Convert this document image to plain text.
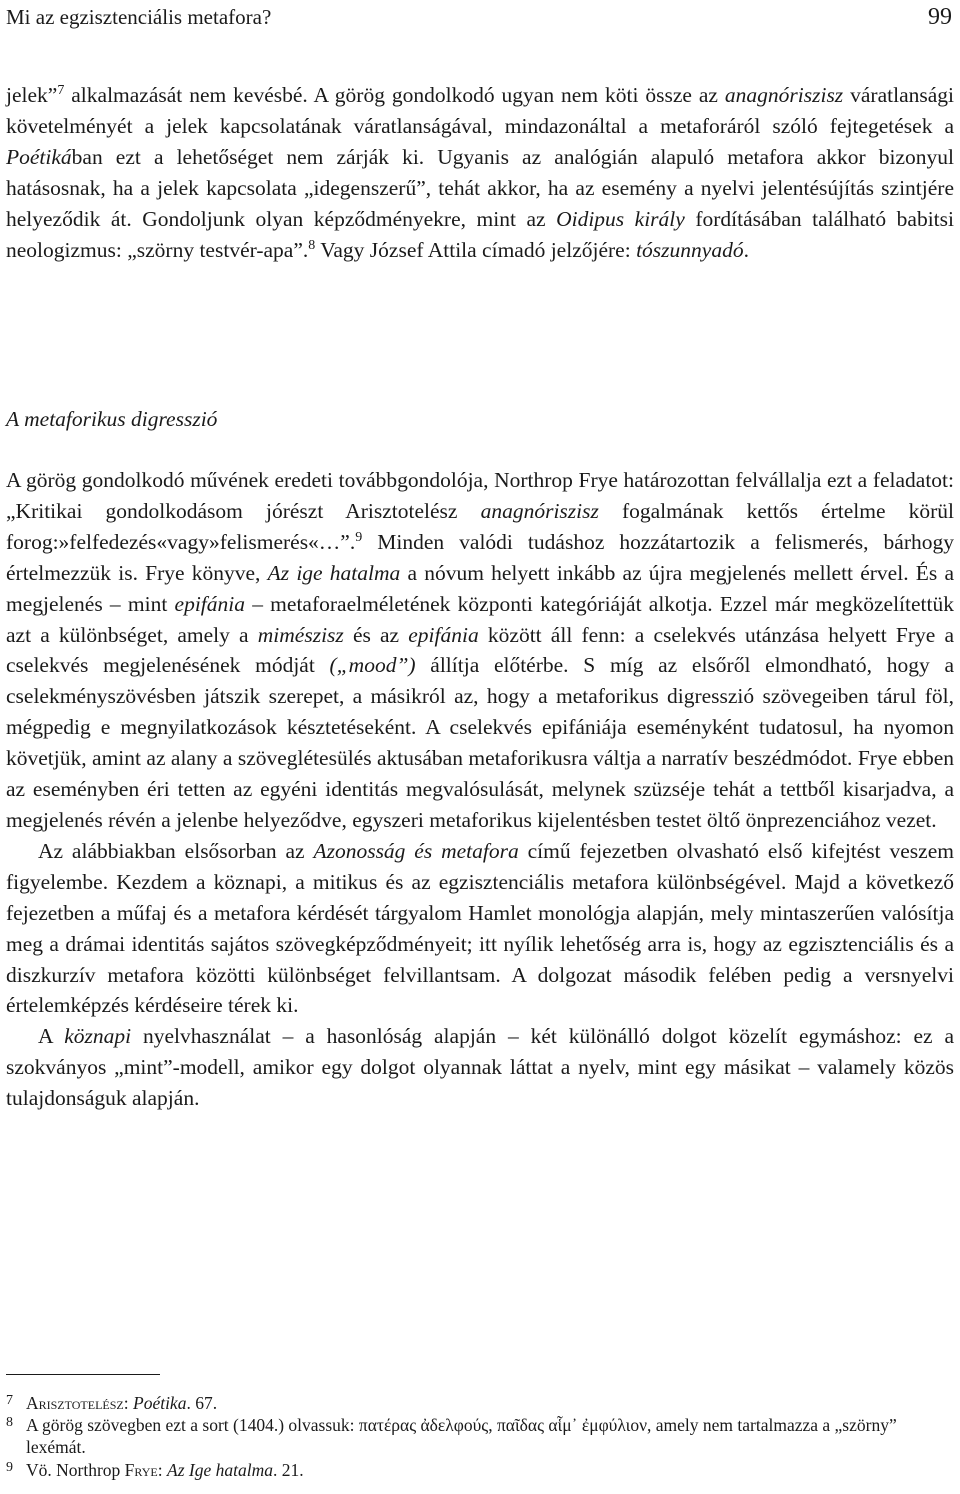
Mi az egzisztenciális metafora?	99

jelek”$^7$ alkalmazását nem kevésbé. A görög gondolkodó ugyan nem köti össze az anagnóriszisz váratlansági követelményét a jelek kapcsolatának váratlanságával, mindazonáltal a metaforáról szóló fejtegetések a Poétikában ezt a lehetőséget nem zárják ki. Ugyanis az analógián alapuló metafora akkor bizonyul hatásosnak, ha a jelek kapcsolata „idegenszerű”, tehát akkor, ha az esemény a nyelvi jelentésújítás szintjére helyeződik át. Gondoljunk olyan képződményekre, mint az Oidipus király fordításában található babitsi neologizmus: „szörny testvér-apa”.$^8$ Vagy József Attila címadó jelzőjére: tószunnyadó.

A metaforikus digresszió

A görög gondolkodó művének eredeti továbbgondolója, Northrop Frye határozottan felvállalja ezt a feladatot: „Kritikai gondolkodásom jórészt Arisztotelész anagnóriszisz fogalmának kettős értelme körül forog:»felfedezés«vagy»felismerés«…”.$^9$ Minden valódi tudáshoz hozzátartozik a felismerés, bárhogy értelmezzük is. Frye könyve, Az ige hatalma a nóvum helyett inkább az újra megjelenés mellett érvel. És a megjelenés – mint epifánia – metaforaelméletének központi kategóriáját alkotja. Ezzel már megközelítettük azt a különbséget, amely a mimészisz és az epifánia között áll fenn: a cselekvés utánzása helyett Frye a cselekvés megjelenésének módját („mood”) állítja előtérbe. S míg az elsőről elmondható, hogy a cselekményszövésben játszik szerepet, a másikról az, hogy a metaforikus digresszió szövegeiben tárul föl, mégpedig e megnyilatkozások késztetéseként. A cselekvés epifániája eseményként tudatosul, ha nyomon követjük, amint az alany a szöveglétesülés aktusában metaforikusra váltja a narratív beszédmódot. Frye ebben az eseményben éri tetten az egyéni identitás megvalósulását, melynek szüzséje tehát a tettből kisarjadva, a megjelenés révén a jelenbe helyeződve, egyszeri metaforikus kijelentésben testet öltő önprezenciához vezet.

Az alábbiakban elsősorban az Azonosság és metafora című fejezetben olvasható első kifejtést veszem figyelembe. Kezdem a köznapi, a mitikus és az egzisztenciális metafora különbségével. Majd a következő fejezetben a műfaj és a metafora kérdését tárgyalom Hamlet monológja alapján, mely mintaszerűen valósítja meg a drámai identitás sajátos szövegképződményeit; itt nyílik lehetőség arra is, hogy az egzisztenciális és a diszkurzív metafora közötti különbséget felvillantsam. A dolgozat második felében pedig a versnyelvi értelemképzés kérdéseire térek ki.

A köznapi nyelvhasználat – a hasonlóság alapján – két különálló dolgot közelít egymáshoz: ez a szokványos „mint”-modell, amikor egy dolgot olyannak láttat a nyelv, mint egy másikat – valamely közös tulajdonságuk alapján.

7 Arisztotelész: Poétika. 67.

8 A görög szövegben ezt a sort (1404.) olvassuk: πατέρας ἀδελφούς, παῖδας αἷμ᾽ ἐμφύλιον, amely nem tartalmazza a „szörny” lexémát.

9 Vö. Northrop Frye: Az Ige hatalma. 21.
